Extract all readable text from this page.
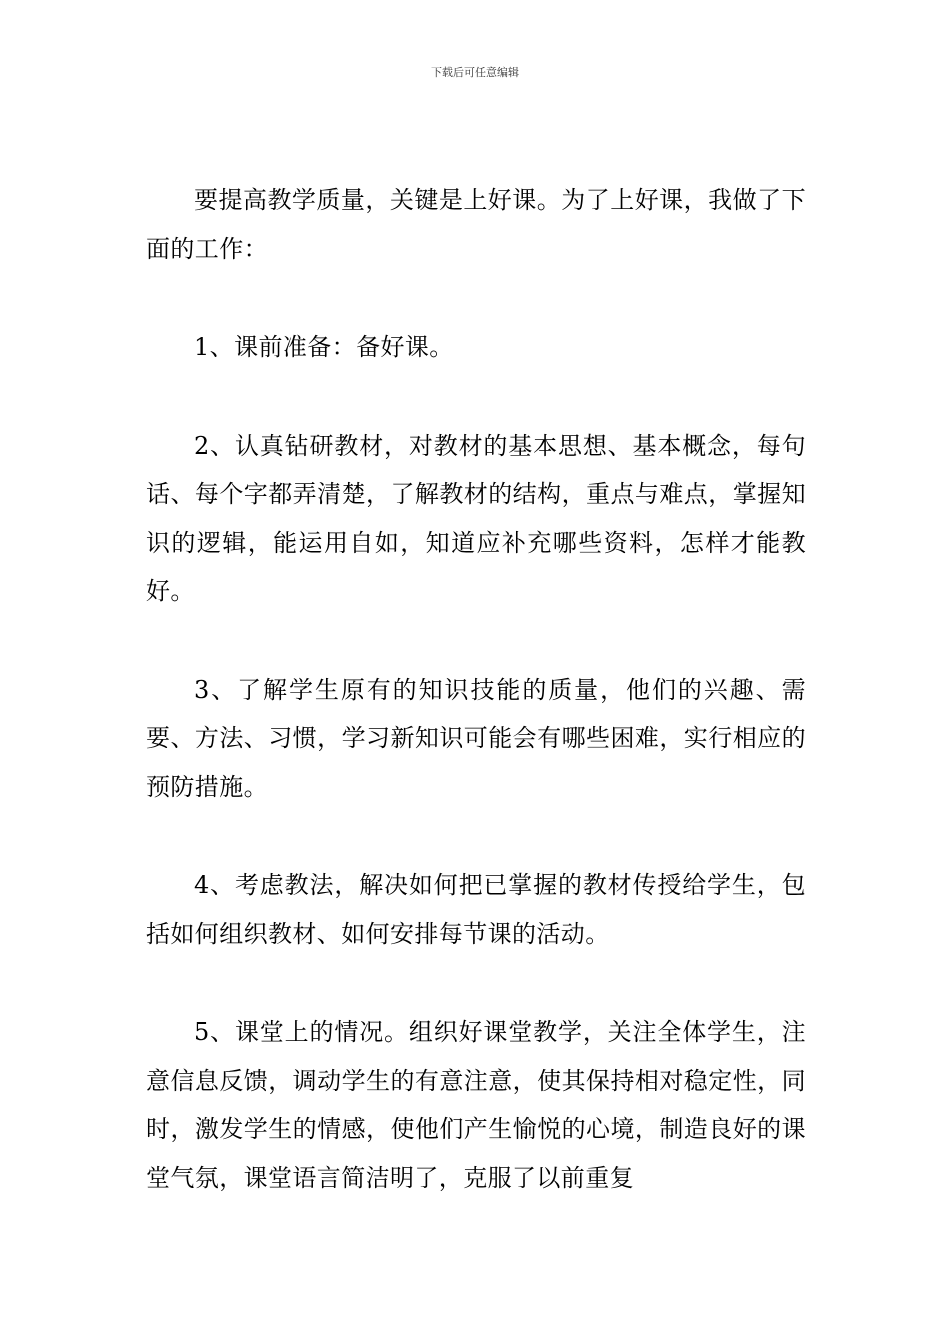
下载后可任意编辑

要提高教学质量，关键是上好课。为了上好课，我做了下面的工作：

1、课前准备：备好课。

2、认真钻研教材，对教材的基本思想、基本概念，每句话、每个字都弄清楚，了解教材的结构，重点与难点，掌握知识的逻辑，能运用自如，知道应补充哪些资料，怎样才能教好。

3、了解学生原有的知识技能的质量，他们的兴趣、需要、方法、习惯，学习新知识可能会有哪些困难，实行相应的预防措施。

4、考虑教法，解决如何把已掌握的教材传授给学生，包括如何组织教材、如何安排每节课的活动。

5、课堂上的情况。组织好课堂教学，关注全体学生，注意信息反馈，调动学生的有意注意，使其保持相对稳定性，同时，激发学生的情感，使他们产生愉悦的心境，制造良好的课堂气氛，课堂语言简洁明了，克服了以前重复
